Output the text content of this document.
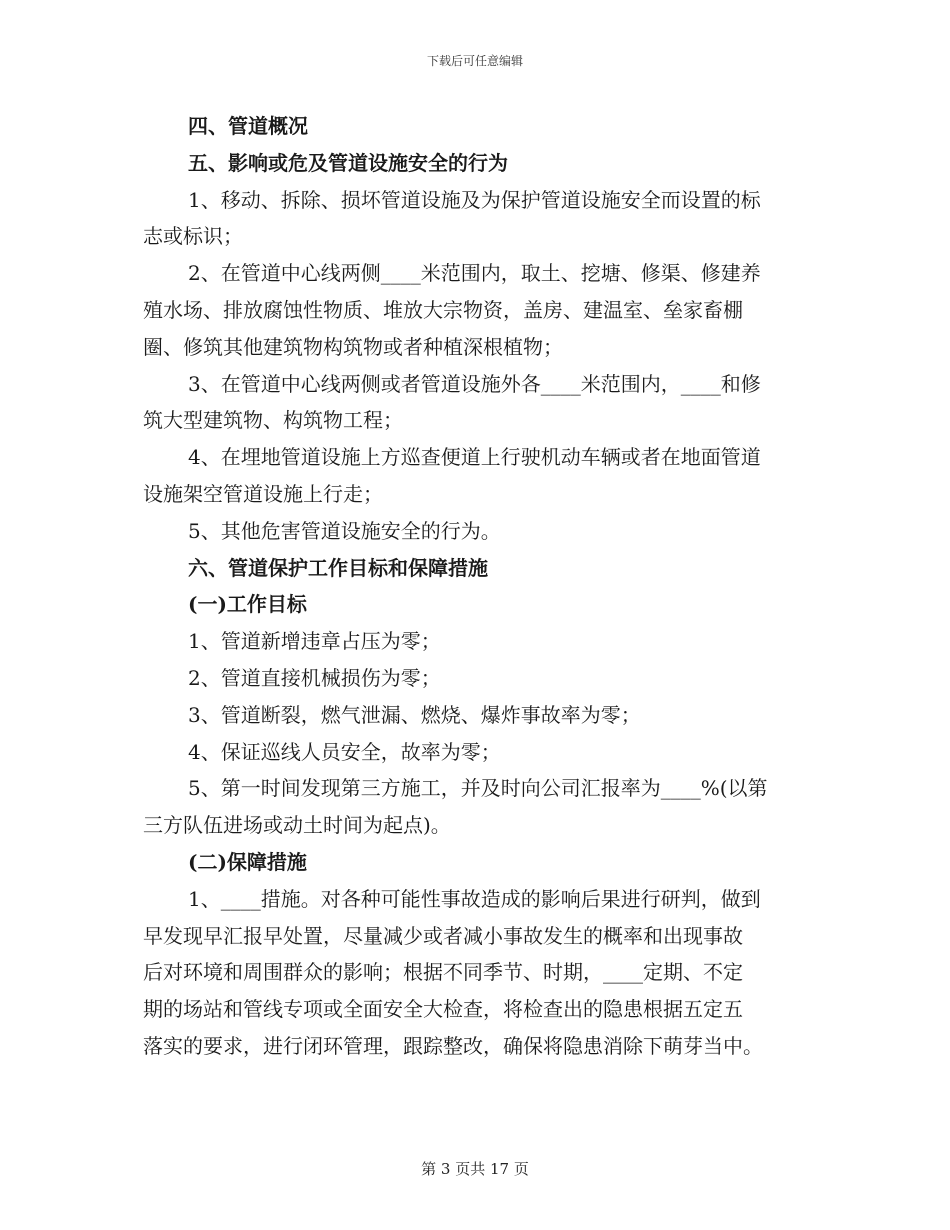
下载后可任意编辑

四、管道概况

五、影响或危及管道设施安全的行为

1、移动、拆除、损坏管道设施及为保护管道设施安全而设置的标

志或标识；

2、在管道中心线两侧____米范围内，取土、挖塘、修渠、修建养

殖水场、排放腐蚀性物质、堆放大宗物资，盖房、建温室、垒家畜棚

圈、修筑其他建筑物构筑物或者种植深根植物；

3、在管道中心线两侧或者管道设施外各____米范围内，____和修

筑大型建筑物、构筑物工程；

4、在埋地管道设施上方巡查便道上行驶机动车辆或者在地面管道

设施架空管道设施上行走；

5、其他危害管道设施安全的行为。

六、管道保护工作目标和保障措施

(一)工作目标

1、管道新增违章占压为零；

2、管道直接机械损伤为零；

3、管道断裂，燃气泄漏、燃烧、爆炸事故率为零；

4、保证巡线人员安全，故率为零；

5、第一时间发现第三方施工，并及时向公司汇报率为____%(以第

三方队伍进场或动土时间为起点)。

(二)保障措施

1、____措施。对各种可能性事故造成的影响后果进行研判，做到

早发现早汇报早处置，尽量减少或者减小事故发生的概率和出现事故

后对环境和周围群众的影响；根据不同季节、时期，____定期、不定

期的场站和管线专项或全面安全大检查，将检查出的隐患根据五定五

落实的要求，进行闭环管理，跟踪整改，确保将隐患消除下萌芽当中。

第 3 页共 17 页
